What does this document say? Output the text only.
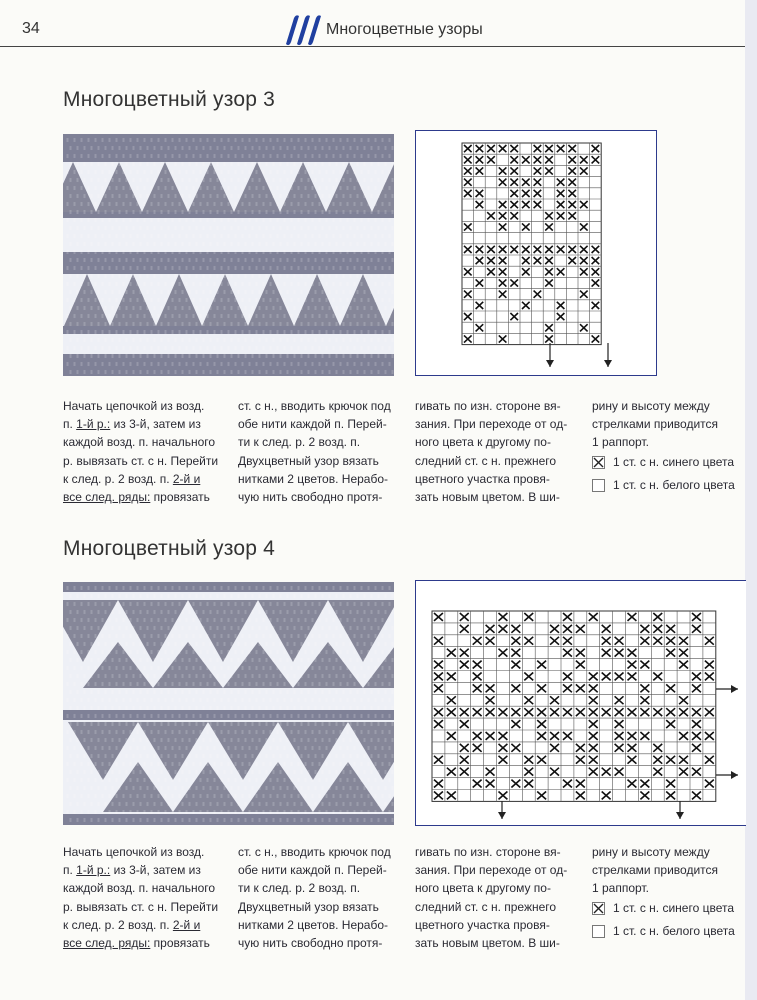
34	Многоцветные узоры
Многоцветный узор 3
Начать цепочкой из возд.
п. 1-й р.: из 3-й, затем из
каждой возд. п. начального
р. вывязать ст. с н. Перейти
к след. р. 2 возд. п. 2-й и
все след. ряды: провязать
ст. с н., вводить крючок под
обе нити каждой п. Перей-
ти к след. р. 2 возд. п.
Двухцветный узор вязать
нитками 2 цветов. Нерабо-
чую нить свободно протя-
гивать по изн. стороне вя-
зания. При переходе от од-
ного цвета к другому по-
следний ст. с н. прежнего
цветного участка провя-
зать новым цветом. В ши-
рину и высоту между
стрелками приводится
1 раппорт.
1 ст. с н. синего цвета
1 ст. с н. белого цвета
Многоцветный узор 4
Начать цепочкой из возд.
п. 1-й р.: из 3-й, затем из
каждой возд. п. начального
р. вывязать ст. с н. Перейти
к след. р. 2 возд. п. 2-й и
все след. ряды: провязать
ст. с н., вводить крючок под
обе нити каждой п. Перей-
ти к след. р. 2 возд. п.
Двухцветный узор вязать
нитками 2 цветов. Нерабо-
чую нить свободно протя-
гивать по изн. стороне вя-
зания. При переходе от од-
ного цвета к другому по-
следний ст. с н. прежнего
цветного участка провя-
зать новым цветом. В ши-
рину и высоту между
стрелками приводится
1 раппорт.
1 ст. с н. синего цвета
1 ст. с н. белого цвета
